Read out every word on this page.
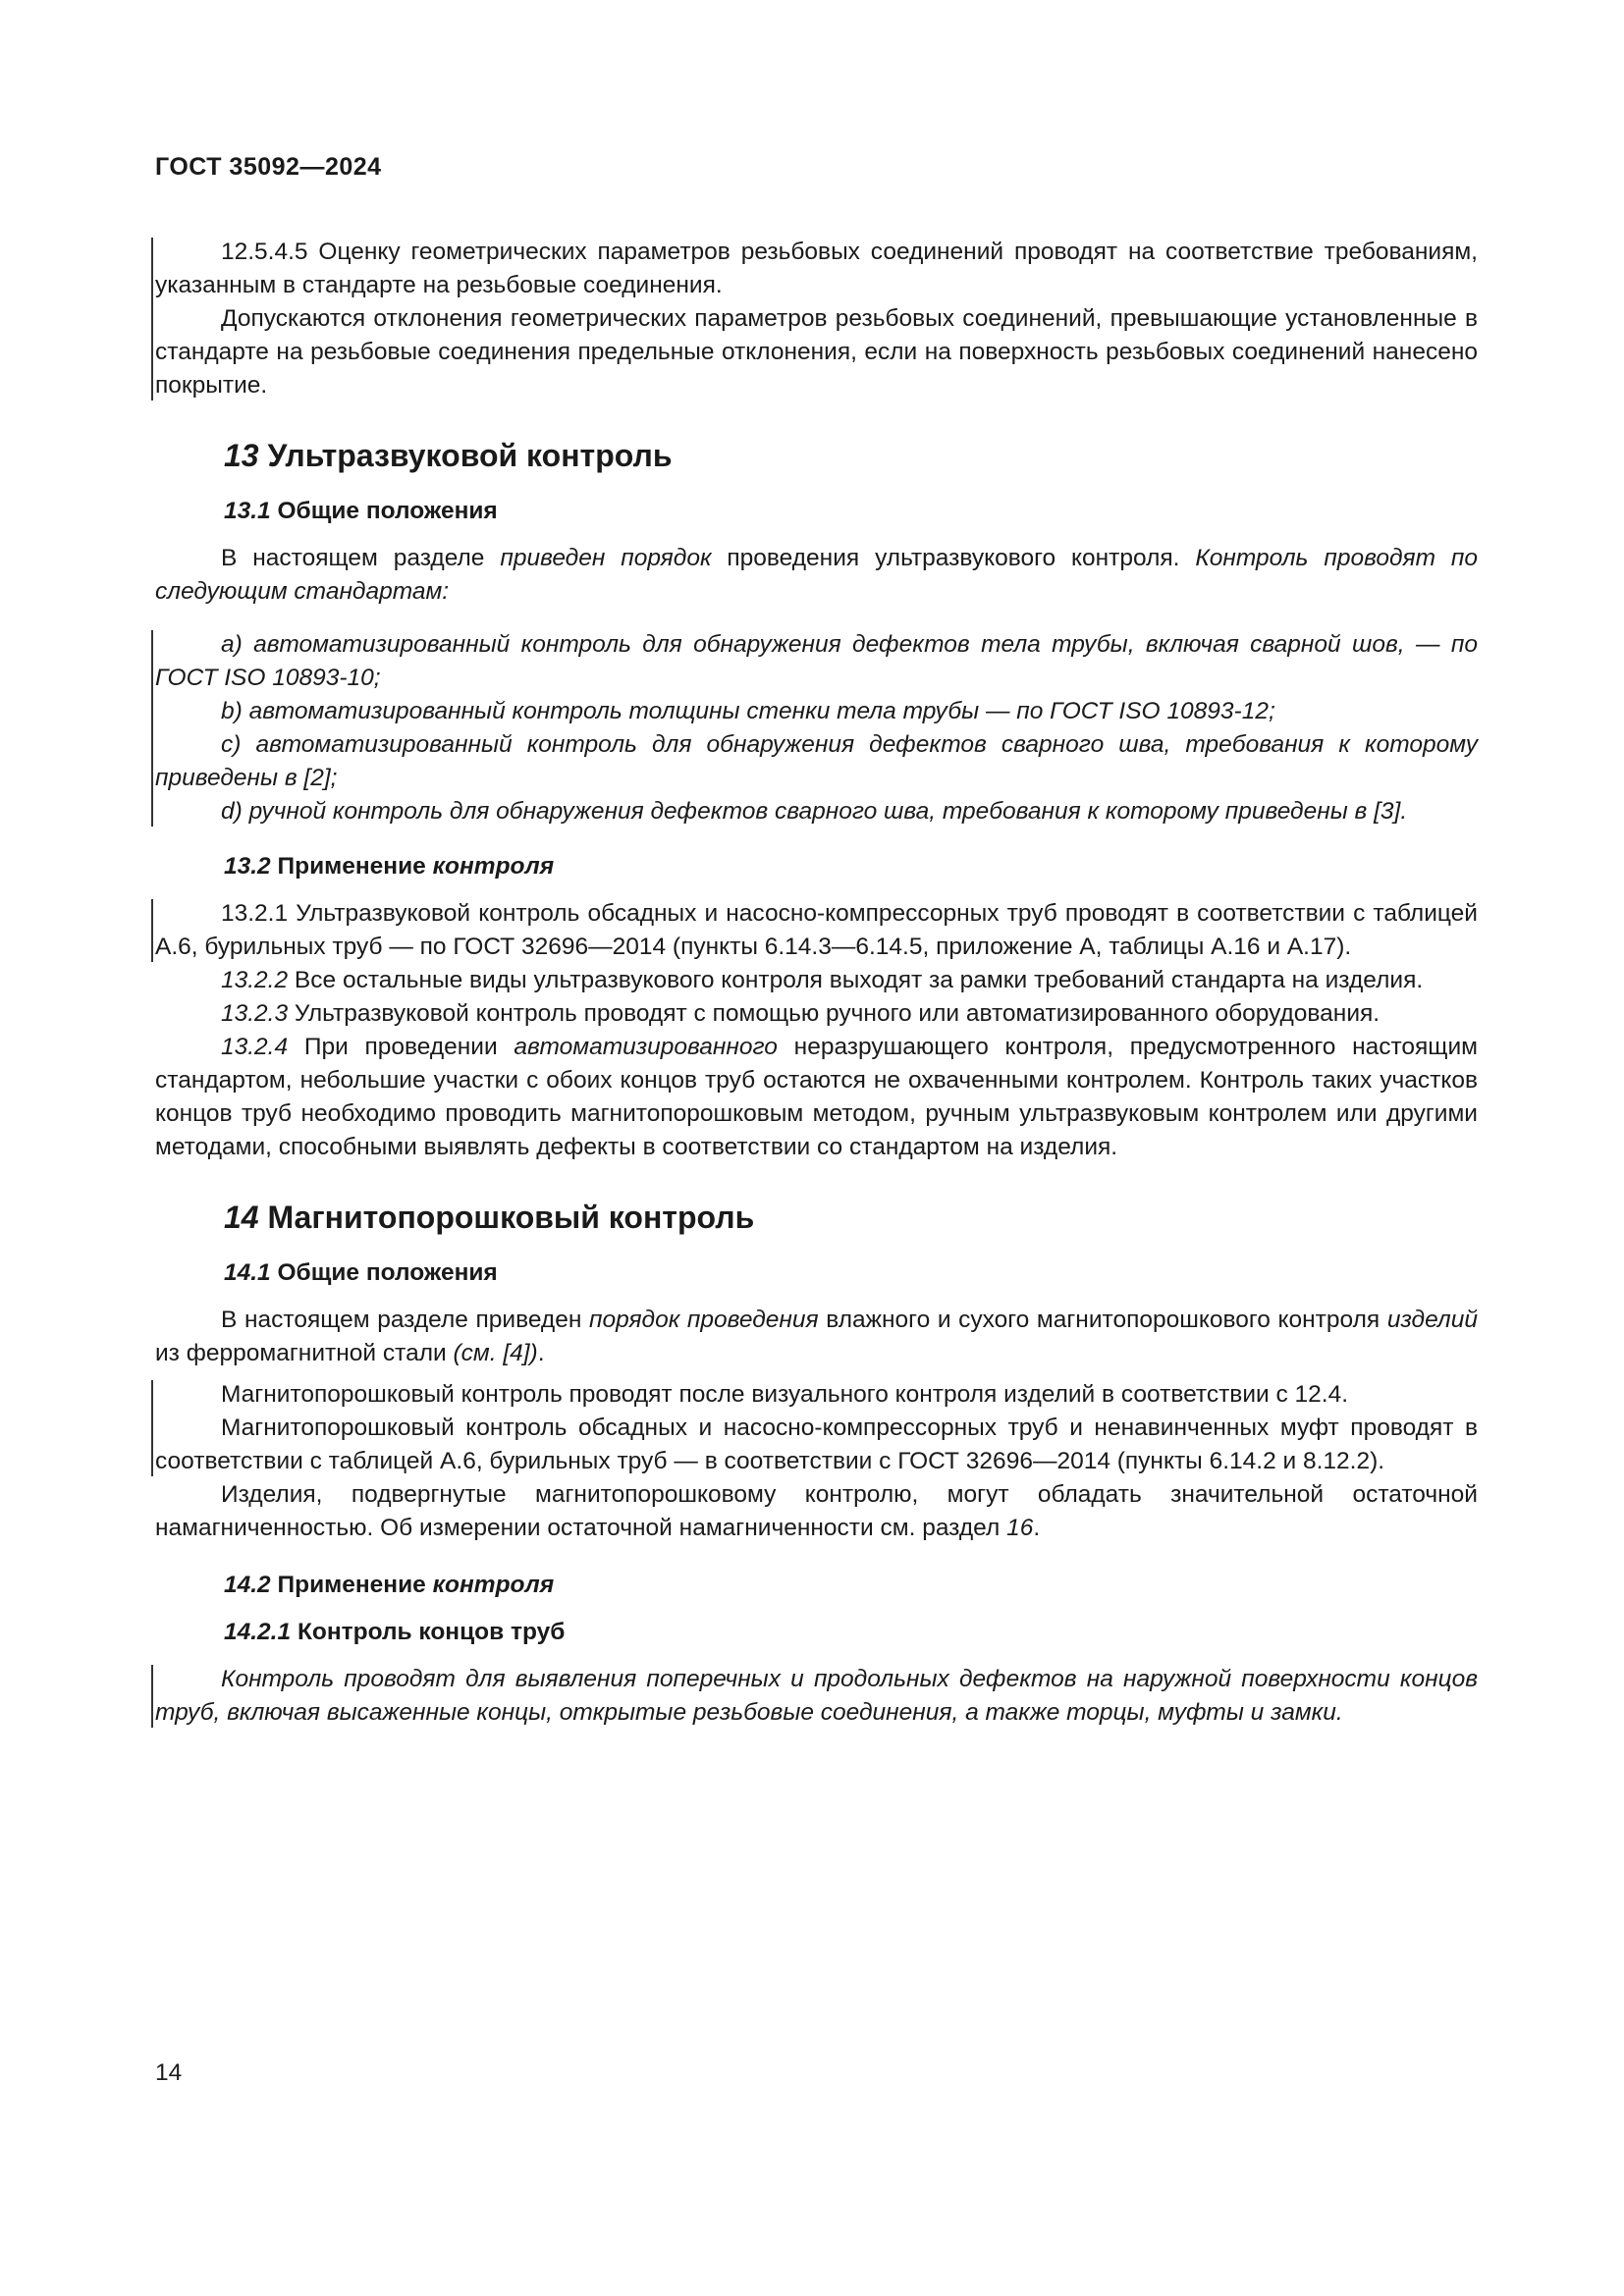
ГОСТ 35092—2024

12.5.4.5 Оценку геометрических параметров резьбовых соединений проводят на соответствие требованиям, указанным в стандарте на резьбовые соединения.

Допускаются отклонения геометрических параметров резьбовых соединений, превышающие установленные в стандарте на резьбовые соединения предельные отклонения, если на поверхность резьбовых соединений нанесено покрытие.

13 Ультразвуковой контроль

13.1 Общие положения

В настоящем разделе приведен порядок проведения ультразвукового контроля. Контроль проводят по следующим стандартам:

a) автоматизированный контроль для обнаружения дефектов тела трубы, включая сварной шов, — по ГОСТ ISO 10893-10;

b) автоматизированный контроль толщины стенки тела трубы — по ГОСТ ISO 10893-12;

c) автоматизированный контроль для обнаружения дефектов сварного шва, требования к которому приведены в [2];

d) ручной контроль для обнаружения дефектов сварного шва, требования к которому приведены в [3].

13.2 Применение контроля

13.2.1 Ультразвуковой контроль обсадных и насосно-компрессорных труб проводят в соответствии с таблицей А.6, бурильных труб — по ГОСТ 32696—2014 (пункты 6.14.3—6.14.5, приложение А, таблицы А.16 и А.17).

13.2.2 Все остальные виды ультразвукового контроля выходят за рамки требований стандарта на изделия.

13.2.3 Ультразвуковой контроль проводят с помощью ручного или автоматизированного оборудования.

13.2.4 При проведении автоматизированного неразрушающего контроля, предусмотренного настоящим стандартом, небольшие участки с обоих концов труб остаются не охваченными контролем. Контроль таких участков концов труб необходимо проводить магнитопорошковым методом, ручным ультразвуковым контролем или другими методами, способными выявлять дефекты в соответствии со стандартом на изделия.

14 Магнитопорошковый контроль

14.1 Общие положения

В настоящем разделе приведен порядок проведения влажного и сухого магнитопорошкового контроля изделий из ферромагнитной стали (см. [4]).

Магнитопорошковый контроль проводят после визуального контроля изделий в соответствии с 12.4.

Магнитопорошковый контроль обсадных и насосно-компрессорных труб и ненавинченных муфт проводят в соответствии с таблицей А.6, бурильных труб — в соответствии с ГОСТ 32696—2014 (пункты 6.14.2 и 8.12.2).

Изделия, подвергнутые магнитопорошковому контролю, могут обладать значительной остаточной намагниченностью. Об измерении остаточной намагниченности см. раздел 16.

14.2 Применение контроля

14.2.1 Контроль концов труб

Контроль проводят для выявления поперечных и продольных дефектов на наружной поверхности концов труб, включая высаженные концы, открытые резьбовые соединения, а также торцы, муфты и замки.

14
